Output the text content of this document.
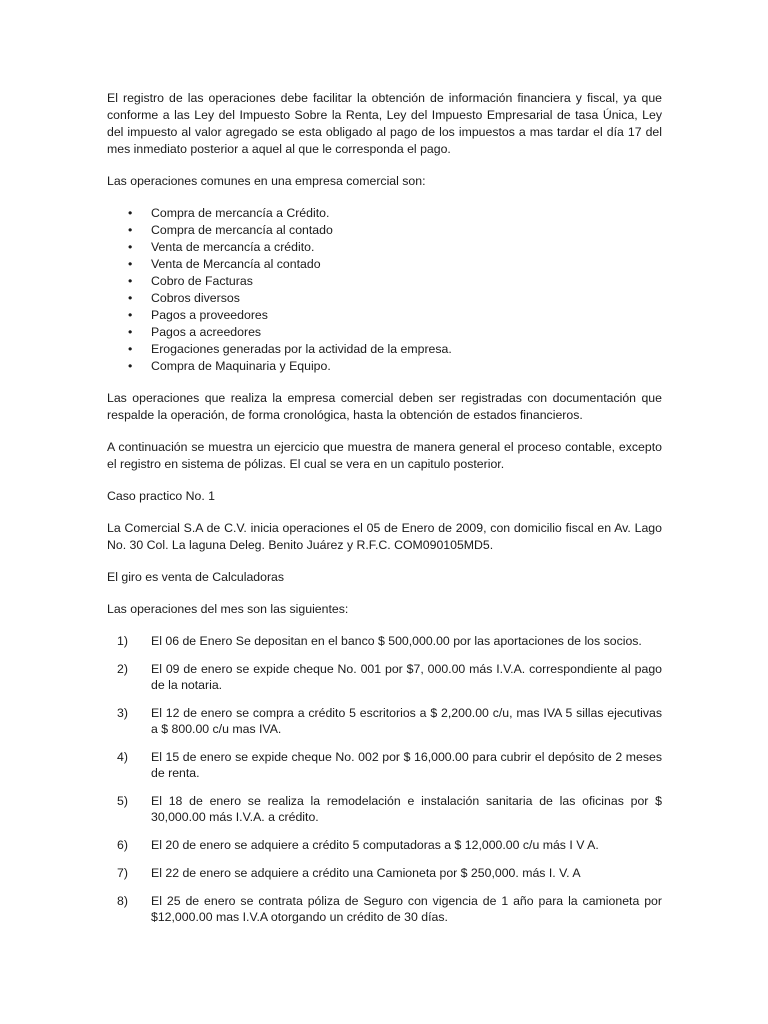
El registro de las operaciones debe facilitar la obtención de información financiera y fiscal, ya que conforme a las Ley del Impuesto Sobre la Renta, Ley del Impuesto Empresarial de tasa Única, Ley del impuesto al valor agregado se esta obligado al pago de los impuestos a mas tardar el día 17 del mes inmediato posterior a aquel al que le corresponda el pago.

Las operaciones comunes en una empresa comercial son:

• Compra de mercancía a Crédito.
• Compra de mercancía al contado
• Venta de mercancía a crédito.
• Venta de Mercancía al contado
• Cobro de Facturas
• Cobros diversos
• Pagos a proveedores
• Pagos a acreedores
• Erogaciones generadas por la actividad de la empresa.
• Compra de Maquinaria y Equipo.

Las operaciones que realiza la empresa comercial deben ser registradas con documentación que respalde la operación, de forma cronológica, hasta la obtención de estados financieros.

A continuación se muestra un ejercicio que muestra de manera general el proceso contable, excepto el registro en sistema de pólizas. El cual se vera en un capitulo posterior.

Caso practico No. 1

La Comercial S.A de C.V. inicia operaciones el 05 de Enero de 2009, con domicilio fiscal en Av. Lago No. 30 Col. La laguna Deleg. Benito Juárez y R.F.C. COM090105MD5.

El giro es venta de Calculadoras

Las operaciones del mes son las siguientes:

1) El 06 de Enero Se depositan en el banco $ 500,000.00 por las aportaciones de los socios.
2) El 09 de enero se expide cheque No. 001 por $7, 000.00 más I.V.A. correspondiente al pago de la notaria.
3) El 12 de enero se compra a crédito 5 escritorios a $ 2,200.00 c/u, mas IVA 5 sillas ejecutivas a $ 800.00 c/u mas IVA.
4) El 15 de enero se expide cheque No. 002 por $ 16,000.00 para cubrir el depósito de 2 meses de renta.
5) El 18 de enero se realiza la remodelación e instalación sanitaria de las oficinas por $ 30,000.00 más I.V.A. a crédito.
6) El 20 de enero se adquiere a crédito 5 computadoras a $ 12,000.00 c/u más I V A.
7) El 22 de enero se adquiere a crédito una Camioneta por $ 250,000. más I. V. A
8) El 25 de enero se contrata póliza de Seguro con vigencia de 1 año para la camioneta por $12,000.00 mas I.V.A otorgando un crédito de 30 días.
